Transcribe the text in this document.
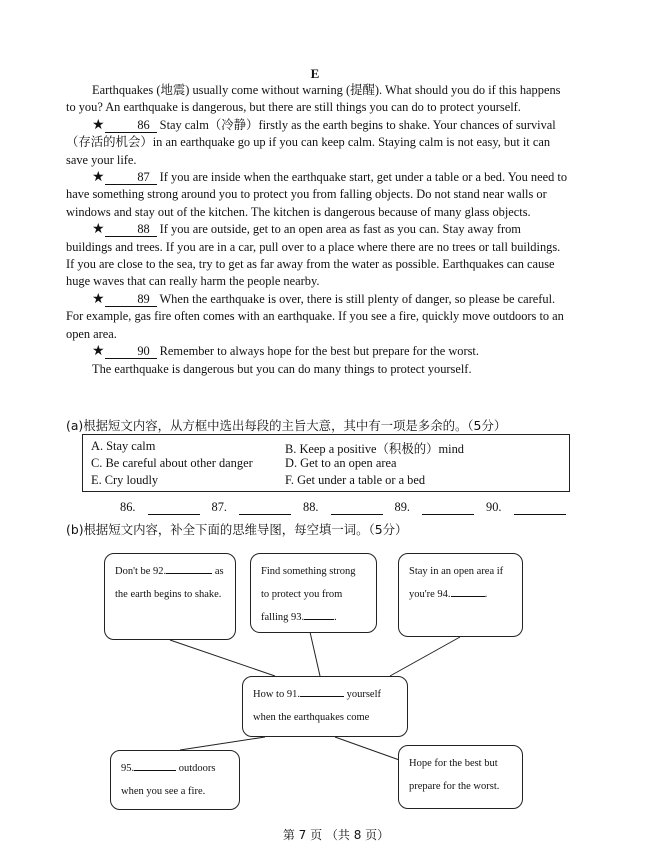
E

Earthquakes (地震) usually come without warning (提醒). What should you do if this happens to you? An earthquake is dangerous, but there are still things you can do to protect yourself.

★	86 Stay calm（冷静）firstly as the earth begins to shake. Your chances of survival（存活的机会）in an earthquake go up if you can keep calm. Staying calm is not easy, but it can save your life.

★	87 If you are inside when the earthquake start, get under a table or a bed. You need to have something strong around you to protect you from falling objects. Do not stand near walls or windows and stay out of the kitchen. The kitchen is dangerous because of many glass objects.

★	88 If you are outside, get to an open area as fast as you can. Stay away from buildings and trees. If you are in a car, pull over to a place where there are no trees or tall buildings. If you are close to the sea, try to get as far away from the water as possible. Earthquakes can cause huge waves that can really harm the people nearby.

★	89 When the earthquake is over, there is still plenty of danger, so please be careful. For example, gas fire often comes with an earthquake. If you see a fire, quickly move outdoors to an open area.

★	90 Remember to always hope for the best but prepare for the worst.

The earthquake is dangerous but you can do many things to protect yourself.

(a)根据短文内容，从方框中选出每段的主旨大意，其中有一项是多余的。（5分）
A. Stay calm	B. Keep a positive（积极的）mind
C. Be careful about other danger	D. Get to an open area
E. Cry loudly	F. Get under a table or a bed
86.	87.	88.	89.	90.
(b)根据短文内容，补全下面的思维导图，每空填一词。（5分）
Don't be 92.	as the earth begins to shake.
Find something strong to protect you from falling 93.	.
Stay in an open area if you're 94.	.
How to 91.	yourself
when the earthquakes come
95.	outdoors when you see a fire.
Hope for the best but prepare for the worst.
第 7 页 （共 8 页）
